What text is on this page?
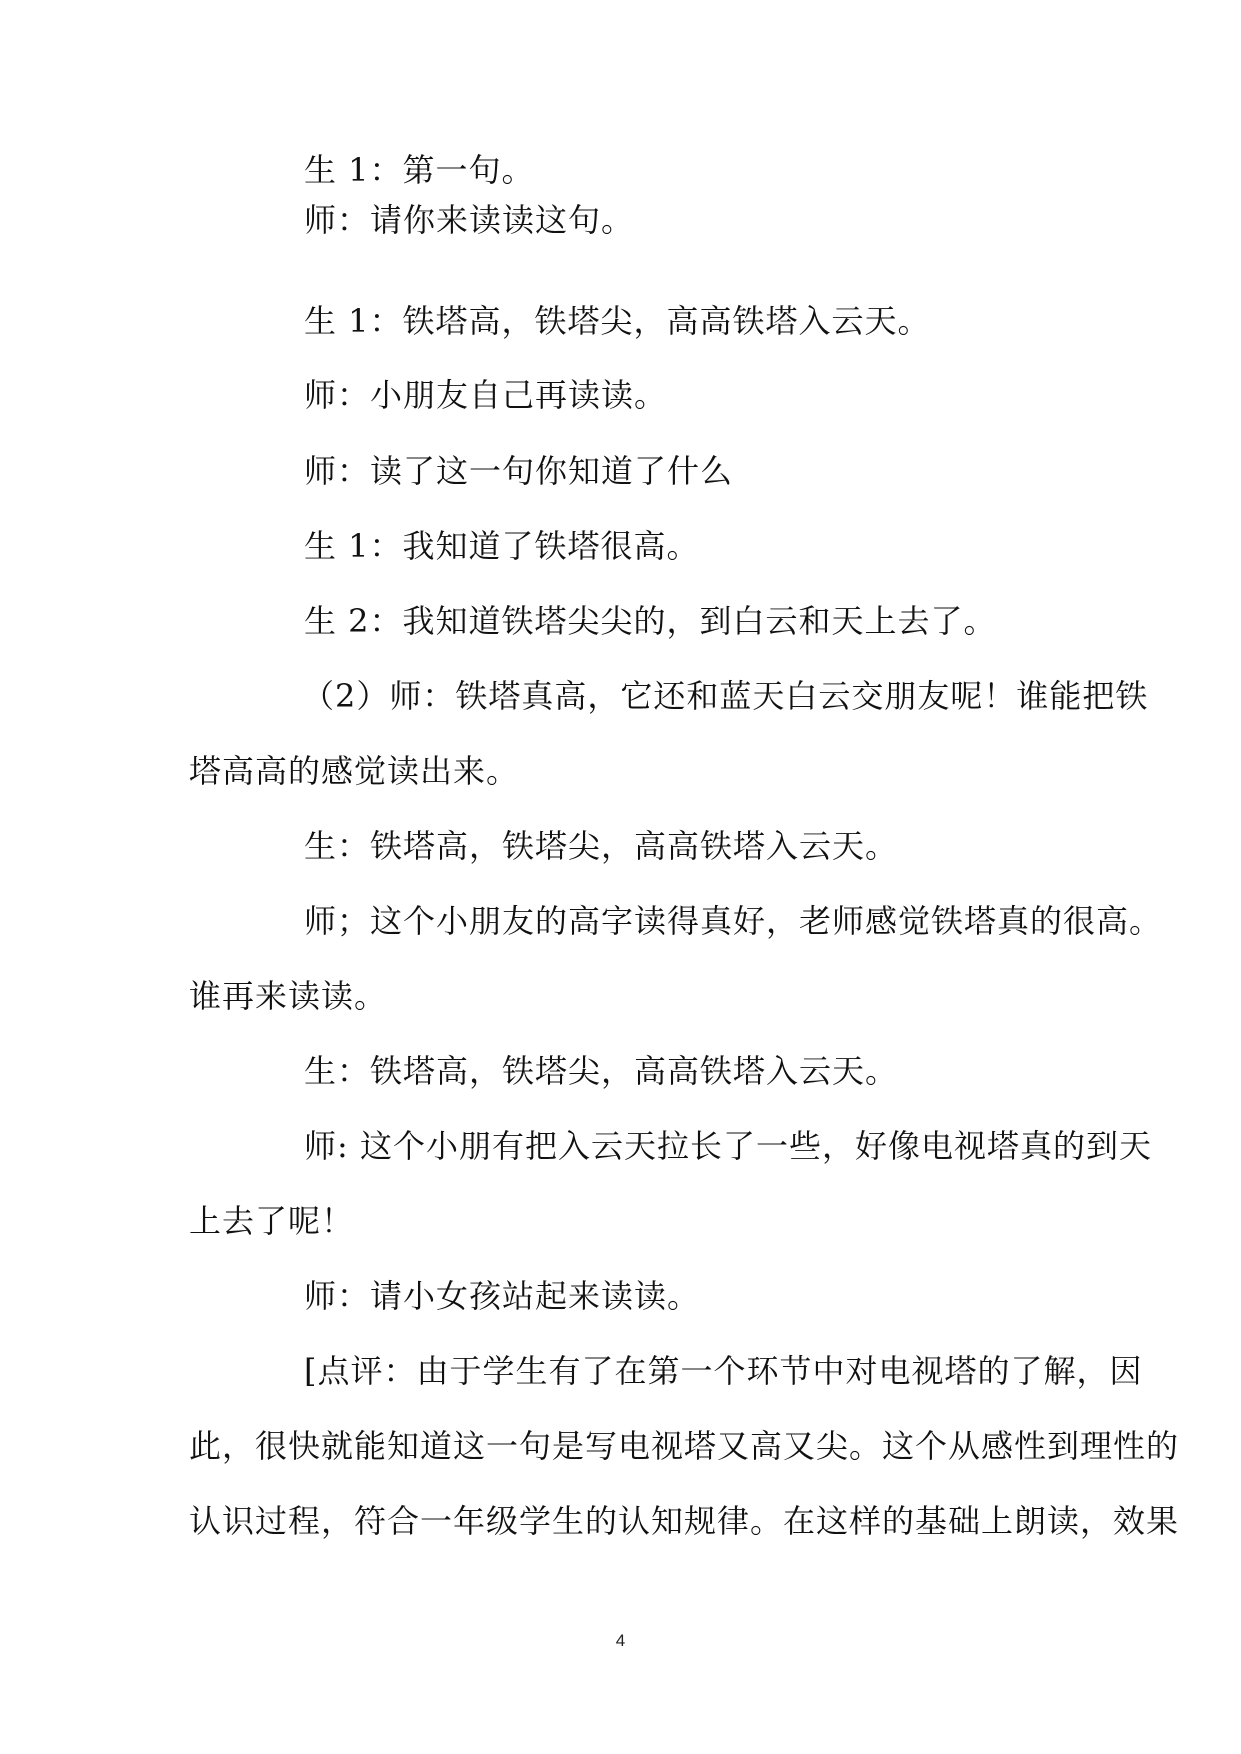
生 1：第一句。
师：请你来读读这句。
生 1：铁塔高，铁塔尖，高高铁塔入云天。
师：小朋友自己再读读。
师：读了这一句你知道了什么
生 1：我知道了铁塔很高。
生 2：我知道铁塔尖尖的，到白云和天上去了。
（2）师：铁塔真高，它还和蓝天白云交朋友呢！谁能把铁
塔高高的感觉读出来。
生：铁塔高，铁塔尖，高高铁塔入云天。
师；这个小朋友的高字读得真好，老师感觉铁塔真的很高。
谁再来读读。
生：铁塔高，铁塔尖，高高铁塔入云天。
师: 这个小朋有把入云天拉长了一些，好像电视塔真的到天
上去了呢！
师：请小女孩站起来读读。
[点评：由于学生有了在第一个环节中对电视塔的了解，因
此，很快就能知道这一句是写电视塔又高又尖。这个从感性到理性的
认识过程，符合一年级学生的认知规律。在这样的基础上朗读，效果
4
